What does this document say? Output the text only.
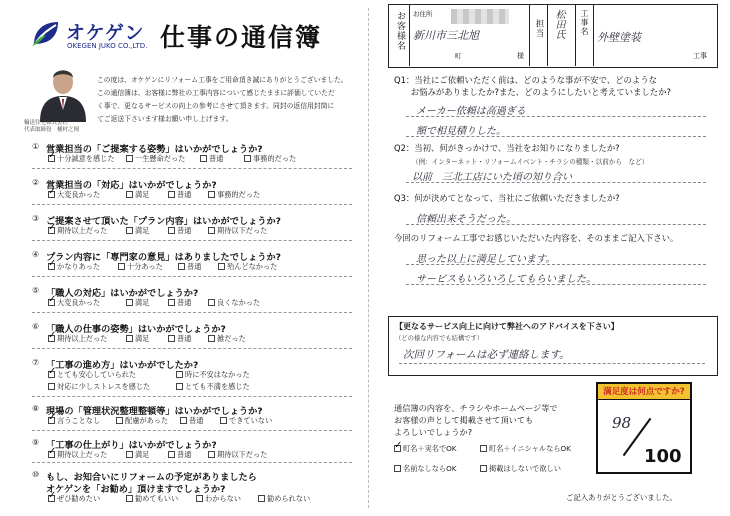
オケゲン
OKEGEN JUKO CO.,LTD. 仕事の通信簿
輸送住宅株式会社
代表取締役　桶村之岡
この度は、オケゲンにリフォーム工事をご用命頂き誠にありがとうございました。
この通信簿は、お客様に弊社の工事内容について感じたままに評価していただ
く事で、更なるサービスの向上の参考にさせて頂きます。同封の返信用封筒に
てご返送下さいます様お願い申し上げます。
① 営業担当の「ご提案する姿勢」はいかがでしょうか?
✓十分誠意を感じた	一生懸命だった	普通	事務的だった
② 営業担当の「対応」はいかがでしょうか?
✓大変良かった	満足	普通	事務的だった
③ ご提案させて頂いた「プラン内容」はいかがでしょうか?
✓期待以上だった	満足	普通	期待以下だった
④ プラン内容に「専門家の意見」はありましたでしょうか?
✓かなりあった	十分あった	普通	殆んどなかった
⑤ 「職人の対応」はいかがでしょうか?
✓大変良かった	満足	普通	良くなかった
⑥ 「職人の仕事の姿勢」はいかがでしょうか?
✓期待以上だった	満足	普通	雑だった
⑦ 「工事の進め方」はいかがでしたか?
✓とても安心していられた	時に不安はなかった
対応に少しストレスを感じた	とても不満を感じた
⑧ 現場の「管理状況整理整頓等」はいかがでしょうか?
✓言うことなし	配慮があった	普通	できていない
⑨ 「工事の仕上がり」はいかがでしょうか?
✓期待以上だった	満足	普通	期待以下だった
⑩ もし、お知合いにリフォームの予定がありましたら
オケゲンを「お勧め」頂けますでしょうか?
✓ぜひ勧めたい	勧めてもいい	わからない	勧められない
お客様名	お住所
新川市三北旭
町	様
担当 松田氏 工事名
外壁塗装
工事
Q1：当社にご依頼いただく前は、どのような事が不安で、どのような
　　お悩みがありましたか?また、どのようにしたいと考えていましたか?
メーカー依頼は高過ぎる
額で相見積りした。
Q2：当初、何がきっかけで、当社をお知りになりましたか?
（例：インターネット・リフォームイベント・チラシの種類・以前から　など）
以前　三北工店にいた頃の知り合い
Q3：何が決めてとなって、当社にご依頼いただきましたか?
信頼出来そうだった。
今回のリフォーム工事でお感じいただいた内容を、そのままご記入下さい。
思った以上に満足しています。
サービスもいろいろしてもらいました。
【更なるサービス向上に向けて弊社へのアドバイスを下さい】
（どの様な内容でも結構です）
次回リフォームは必ず連絡します。
通信簿の内容を、チラシやホームページ等で
お客様の声として掲載させて頂いても
よろしいでしょうか?
✓町名＋実名でOK	町名＋イニシャルならOK
名前なしならOK	掲載はしないで欲しい
満足度は何点ですか?
98
100
ご記入ありがとうございました。
